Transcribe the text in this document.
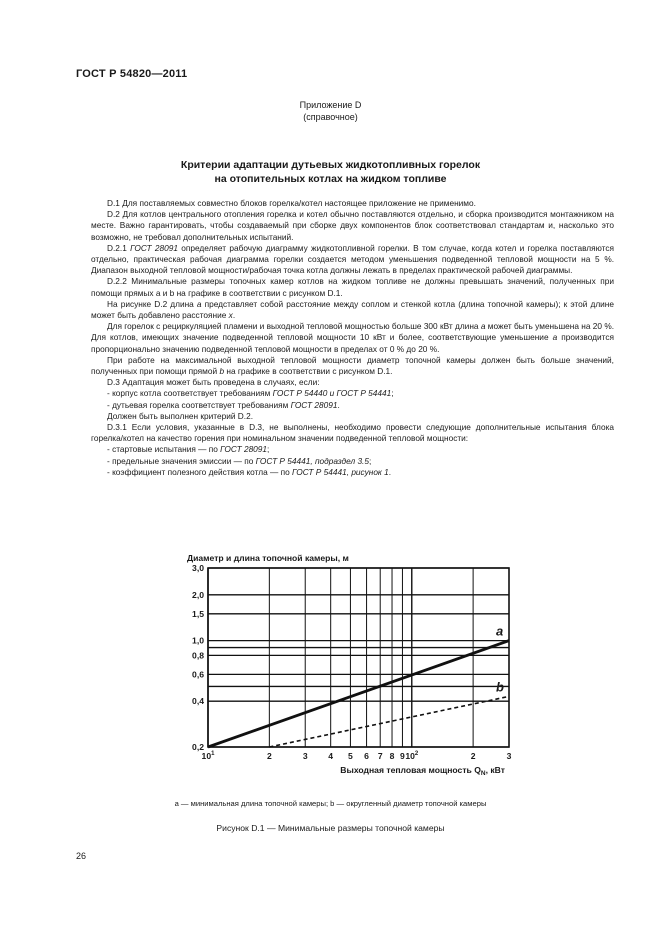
ГОСТ Р 54820—2011
Приложение D
(справочное)
Критерии адаптации дутьевых жидкотопливных горелок
на отопительных котлах на жидком топливе

D.1 Для поставляемых совместно блоков горелка/котел настоящее приложение не применимо.

D.2 Для котлов центрального отопления горелка и котел обычно поставляются отдельно, и сборка производится монтажником на месте. Важно гарантировать, чтобы создаваемый при сборке двух компонентов блок соответствовал стандартам и, насколько это возможно, не требовал дополнительных испытаний.

D.2.1 ГОСТ 28091 определяет рабочую диаграмму жидкотопливной горелки. В том случае, когда котел и горелка поставляются отдельно, практическая рабочая диаграмма горелки создается методом уменьшения подведенной тепловой мощности на 5 %. Диапазон выходной тепловой мощности/рабочая точка котла должны лежать в пределах практической рабочей диаграммы.

D.2.2 Минимальные размеры топочных камер котлов на жидком топливе не должны превышать значений, полученных при помощи прямых a и b на графике в соответствии с рисунком D.1.

На рисунке D.2 длина a представляет собой расстояние между соплом и стенкой котла (длина топочной камеры); к этой длине может быть добавлено расстояние x.

Для горелок с рециркуляцией пламени и выходной тепловой мощностью больше 300 кВт длина a может быть уменьшена на 20 %. Для котлов, имеющих значение подведенной тепловой мощности 10 кВт и более, соответствующие уменьшение a производится пропорционально значению подведенной тепловой мощности в пределах от 0 % до 20 %.

При работе на максимальной выходной тепловой мощности диаметр топочной камеры должен быть больше значений, полученных при помощи прямой b на графике в соответствии с рисунком D.1.

D.3 Адаптация может быть проведена в случаях, если:

- корпус котла соответствует требованиям ГОСТ Р 54440 и ГОСТ Р 54441;

- дутьевая горелка соответствует требованиям ГОСТ 28091.

Должен быть выполнен критерий D.2.

D.3.1 Если условия, указанные в D.3, не выполнены, необходимо провести следующие дополнительные испытания блока горелка/котел на качество горения при номинальном значении подведенной тепловой мощности:

- стартовые испытания — по ГОСТ 28091;

- предельные значения эмиссии — по ГОСТ Р 54441, подраздел 3.5;

- коэффициент полезного действия котла — по ГОСТ Р 54441, рисунок 1.

Диаметр и длина топочной камеры, м
$10^1$	2	3 4 5 6 7 8 9 $10^2$	2	3
3,0
2,0
1,5
1,0
0,8
0,6
0,4
0,2
a
b
Выходная тепловая мощность $Q_N$, кВт
a — минимальная длина топочной камеры; b — округленный диаметр топочной камеры
Рисунок D.1 — Минимальные размеры топочной камеры
26
